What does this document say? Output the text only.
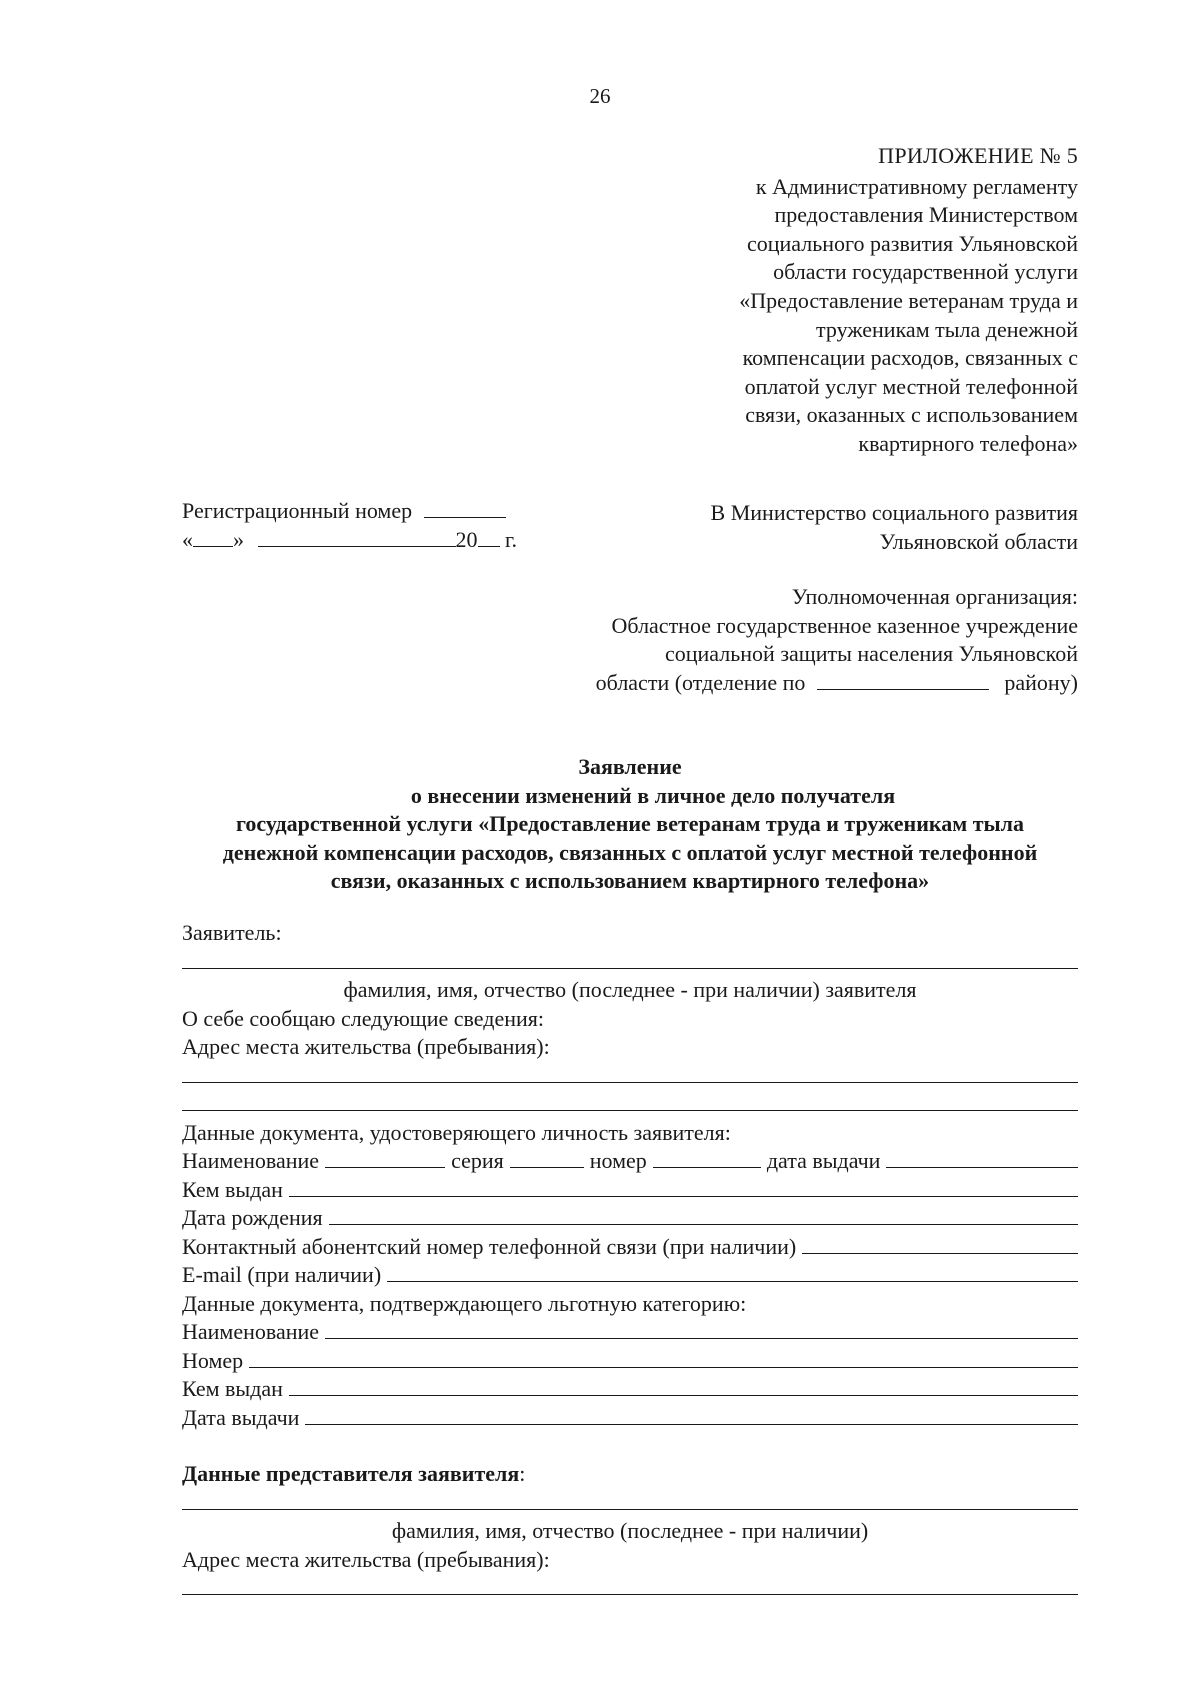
26
ПРИЛОЖЕНИЕ № 5
к Административному регламенту
предоставления Министерством
социального развития Ульяновской
области государственной услуги
«Предоставление ветеранам труда и
труженикам тыла денежной
компенсации расходов, связанных с
оплатой услуг местной телефонной
связи, оказанных с использованием
квартирного телефона»
Регистрационный номер
« »	20 г.
В Министерство социального развития
Ульяновской области
Уполномоченная организация:
Областное государственное казенное учреждение
социальной защиты населения Ульяновской
области (отделение по	району)
Заявление
о внесении изменений в личное дело получателя
государственной услуги «Предоставление ветеранам труда и труженикам тыла
денежной компенсации расходов, связанных с оплатой услуг местной телефонной
связи, оказанных с использованием квартирного телефона»
Заявитель:
фамилия, имя, отчество (последнее - при наличии) заявителя
О себе сообщаю следующие сведения:
Адрес места жительства (пребывания):
Данные документа, удостоверяющего личность заявителя:
Наименование	серия	номер	дата выдачи
Кем выдан
Дата рождения
Контактный абонентский номер телефонной связи (при наличии)
E-mail (при наличии)
Данные документа, подтверждающего льготную категорию:
Наименование
Номер
Кем выдан
Дата выдачи
Данные представителя заявителя :
фамилия, имя, отчество (последнее - при наличии)
Адрес места жительства (пребывания):
